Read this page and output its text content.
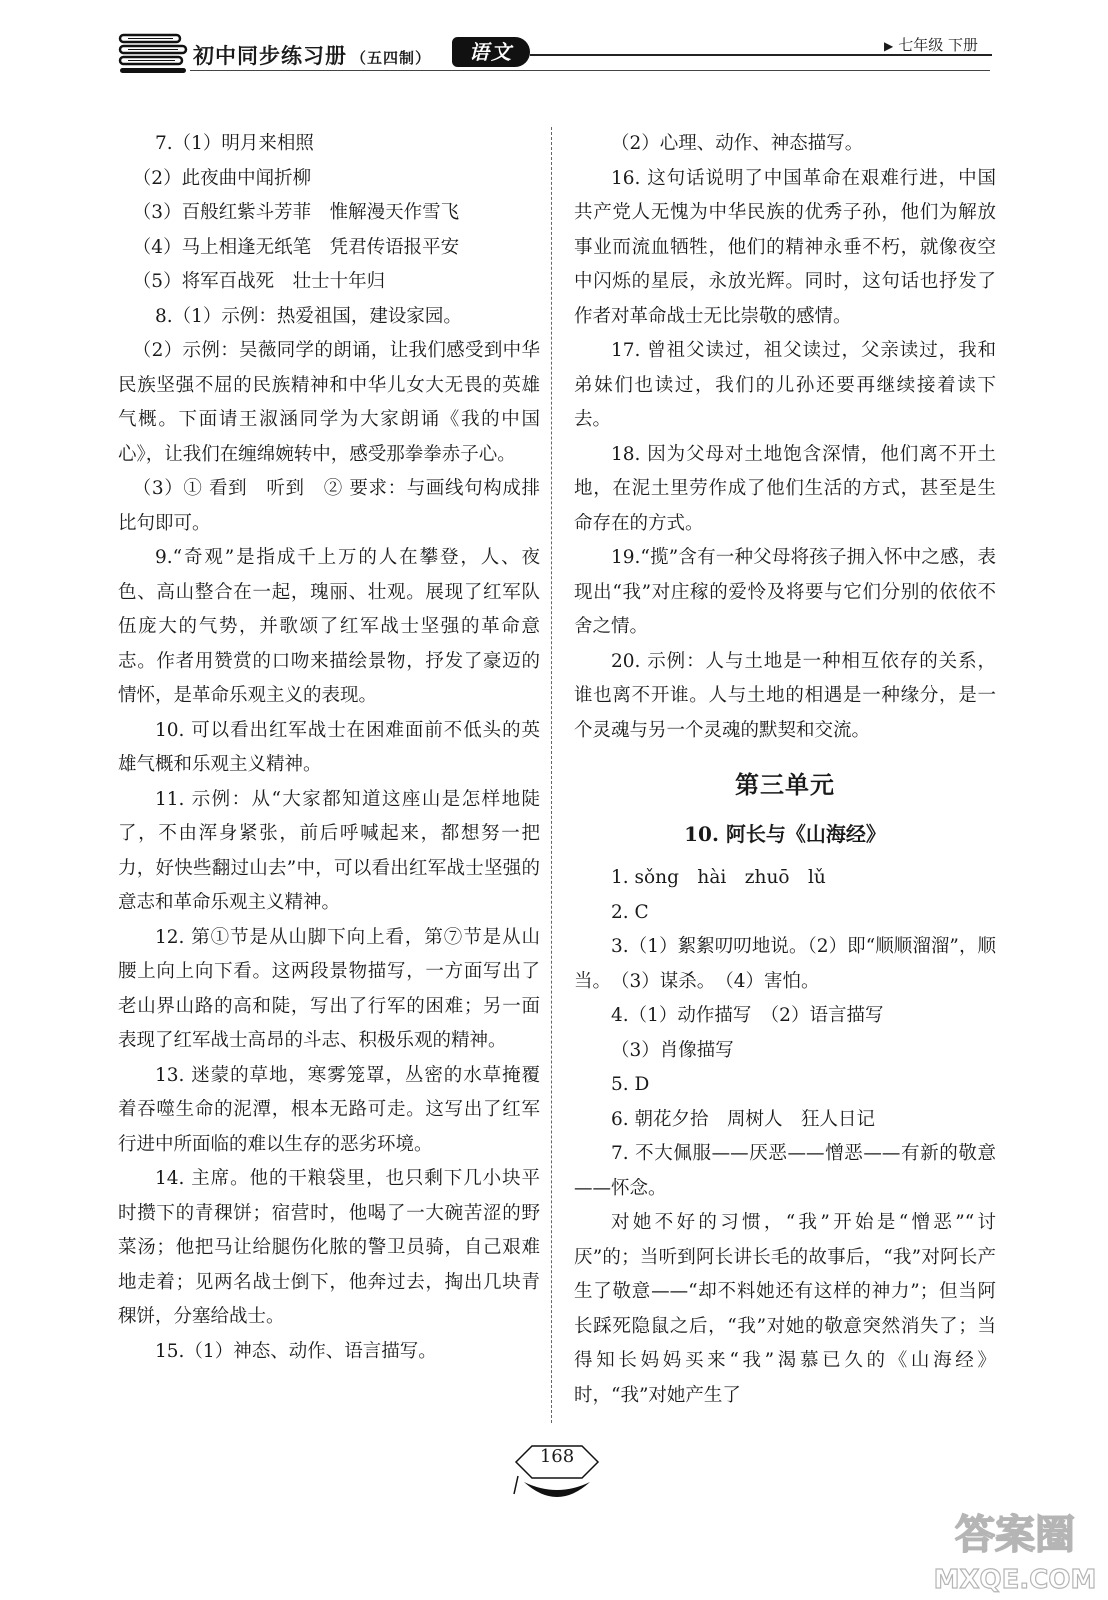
初中同步练习册 （五四制）	语文	▶ 七年级 下册

7.（1）明月来相照

（2）此夜曲中闻折柳

（3）百般红紫斗芳菲　惟解漫天作雪飞

（4）马上相逢无纸笔　凭君传语报平安

（5）将军百战死　壮士十年归

8.（1）示例：热爱祖国，建设家园。

（2）示例：吴薇同学的朗诵，让我们感受到中华民族坚强不屈的民族精神和中华儿女大无畏的英雄气概。下面请王淑涵同学为大家朗诵《我的中国心》，让我们在缠绵婉转中，感受那拳拳赤子心。

（3）① 看到　听到　② 要求：与画线句构成排比句即可。

9.“奇观”是指成千上万的人在攀登，人、夜色、高山整合在一起，瑰丽、壮观。展现了红军队伍庞大的气势，并歌颂了红军战士坚强的革命意志。作者用赞赏的口吻来描绘景物，抒发了豪迈的情怀，是革命乐观主义的表现。

10. 可以看出红军战士在困难面前不低头的英雄气概和乐观主义精神。

11. 示例：从“大家都知道这座山是怎样地陡了，不由浑身紧张，前后呼喊起来，都想努一把力，好快些翻过山去”中，可以看出红军战士坚强的意志和革命乐观主义精神。

12. 第①节是从山脚下向上看，第⑦节是从山腰上向上向下看。这两段景物描写，一方面写出了老山界山路的高和陡，写出了行军的困难；另一面表现了红军战士高昂的斗志、积极乐观的精神。

13. 迷蒙的草地，寒雾笼罩，丛密的水草掩覆着吞噬生命的泥潭，根本无路可走。这写出了红军行进中所面临的难以生存的恶劣环境。

14. 主席。他的干粮袋里，也只剩下几小块平时攒下的青稞饼；宿营时，他喝了一大碗苦涩的野菜汤；他把马让给腿伤化脓的警卫员骑，自己艰难地走着；见两名战士倒下，他奔过去，掏出几块青稞饼，分塞给战士。

15.（1）神态、动作、语言描写。

（2）心理、动作、神态描写。

16. 这句话说明了中国革命在艰难行进，中国共产党人无愧为中华民族的优秀子孙，他们为解放事业而流血牺牲，他们的精神永垂不朽，就像夜空中闪烁的星辰，永放光辉。同时，这句话也抒发了作者对革命战士无比崇敬的感情。

17. 曾祖父读过，祖父读过，父亲读过，我和弟妹们也读过，我们的儿孙还要再继续接着读下去。

18. 因为父母对土地饱含深情，他们离不开土地，在泥土里劳作成了他们生活的方式，甚至是生命存在的方式。

19.“揽”含有一种父母将孩子拥入怀中之感，表现出“我”对庄稼的爱怜及将要与它们分别的依依不舍之情。

20. 示例：人与土地是一种相互依存的关系，谁也离不开谁。人与土地的相遇是一种缘分，是一个灵魂与另一个灵魂的默契和交流。

第三单元
10. 阿长与《山海经》

1. sǒng　hài　zhuō　lǔ

2. C

3.（1）絮絮叨叨地说。（2）即“顺顺溜溜”，顺当。　（3）谋杀。　（4）害怕。

4.（1）动作描写　（2）语言描写

（3）肖像描写

5. D

6. 朝花夕拾　周树人　狂人日记

7. 不大佩服——厌恶——憎恶——有新的敬意——怀念。

对她不好的习惯，“我”开始是“憎恶”“讨厌”的；当听到阿长讲长毛的故事后，“我”对阿长产生了敬意——“却不料她还有这样的神力”；但当阿长踩死隐鼠之后，“我”对她的敬意突然消失了；当得知长妈妈买来“我”渴慕已久的《山海经》时，“我”对她产生了

168
答案圈
MXQE.COM
